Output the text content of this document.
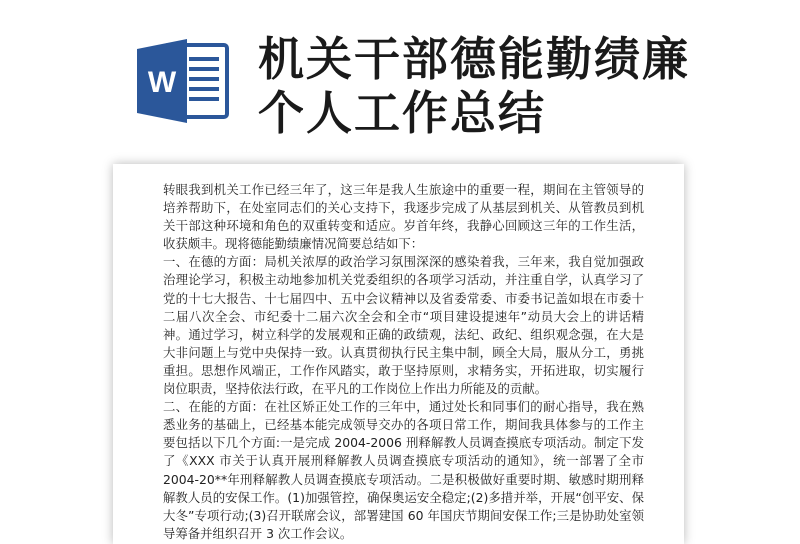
W 机关干部德能勤绩廉
个人工作总结

转眼我到机关工作已经三年了，这三年是我人生旅途中的重要一程，期间在主管领导的培养帮助下，在处室同志们的关心支持下，我逐步完成了从基层到机关、从管教员到机关干部这种环境和角色的双重转变和适应。岁首年终，我静心回顾这三年的工作生活，收获颇丰。现将德能勤绩廉情况简要总结如下：

一、在德的方面：局机关浓厚的政治学习氛围深深的感染着我，三年来，我自觉加强政治理论学习，积极主动地参加机关党委组织的各项学习活动，并注重自学，认真学习了党的十七大报告、十七届四中、五中会议精神以及省委常委、市委书记盖如垠在市委十二届八次全会、市纪委十二届六次全会和全市“项目建设提速年”动员大会上的讲话精神。通过学习，树立科学的发展观和正确的政绩观，法纪、政纪、组织观念强，在大是大非问题上与党中央保持一致。认真贯彻执行民主集中制，顾全大局，服从分工，勇挑重担。思想作风端正，工作作风踏实，敢于坚持原则，求精务实，开拓进取，切实履行岗位职责，坚持依法行政，在平凡的工作岗位上作出力所能及的贡献。

二、在能的方面：在社区矫正处工作的三年中，通过处长和同事们的耐心指导，我在熟悉业务的基础上，已经基本能完成领导交办的各项日常工作，期间我具体参与的工作主要包括以下几个方面:一是完成 2004-2006 刑释解教人员调查摸底专项活动。制定下发了《XXX 市关于认真开展刑释解教人员调查摸底专项活动的通知》，统一部署了全市 2004-20**年刑释解教人员调查摸底专项活动。二是积极做好重要时期、敏感时期刑释解教人员的安保工作。(1)加强管控，确保奥运安全稳定;(2)多措并举，开展“创平安、保大冬”专项行动;(3)召开联席会议，部署建国 60 年国庆节期间安保工作;三是协助处室领导筹备并组织召开 3 次工作会议。
